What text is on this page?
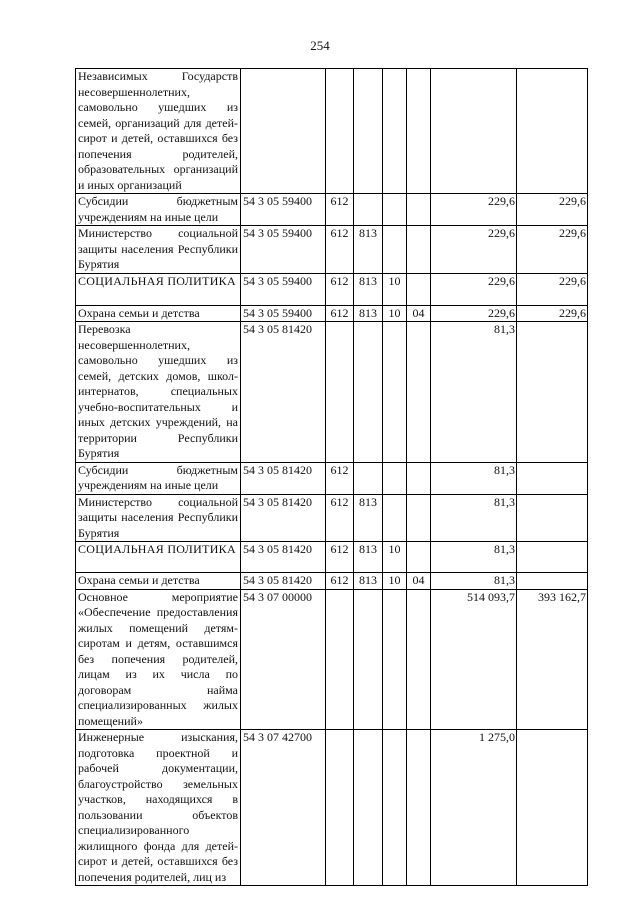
254
Независимых Государств несовершеннолетних, самовольно ушедших из семей, организаций для детей-сирот и детей, оставшихся без попечения родителей, образовательных организаций и иных организаций							
Субсидии бюджетным учреждениям на иные цели	54 3 05 59400	612				229,6	229,6
Министерство социальной защиты населения Республики Бурятия	54 3 05 59400	612	813			229,6	229,6
СОЦИАЛЬНАЯ ПОЛИТИКА	54 3 05 59400	612	813	10		229,6	229,6
Охрана семьи и детства	54 3 05 59400	612	813	10	04	229,6	229,6
Перевозка несовершеннолетних, самовольно ушедших из семей, детских домов, школ-интернатов, специальных учебно-воспитательных и иных детских учреждений, на территории Республики Бурятия	54 3 05 81420					81,3	
Субсидии бюджетным учреждениям на иные цели	54 3 05 81420	612				81,3	
Министерство социальной защиты населения Республики Бурятия	54 3 05 81420	612	813			81,3	
СОЦИАЛЬНАЯ ПОЛИТИКА	54 3 05 81420	612	813	10		81,3	
Охрана семьи и детства	54 3 05 81420	612	813	10	04	81,3	
Основное мероприятие «Обеспечение предоставления жилых помещений детям-сиротам и детям, оставшимся без попечения родителей, лицам из их числа по договорам найма специализированных жилых помещений»	54 3 07 00000					514 093,7	393 162,7
Инженерные изыскания, подготовка проектной и рабочей документации, благоустройство земельных участков, находящихся в пользовании объектов специализированного жилищного фонда для детей-сирот и детей, оставшихся без попечения родителей, лиц из	54 3 07 42700					1 275,0	
